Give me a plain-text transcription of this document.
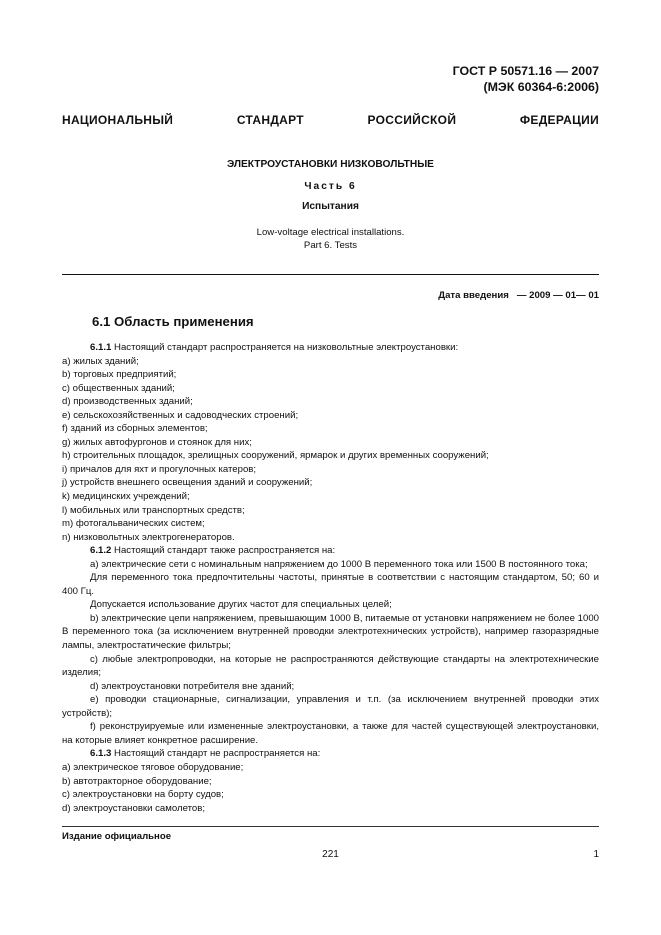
ГОСТ Р 50571.16 — 2007
(МЭК 60364-6:2006)
НАЦИОНАЛЬНЫЙ СТАНДАРТ РОССИЙСКОЙ ФЕДЕРАЦИИ
ЭЛЕКТРОУСТАНОВКИ НИЗКОВОЛЬТНЫЕ
Часть 6
Испытания
Low-voltage electrical installations.
Part 6. Tests
Дата введения — 2009 — 01— 01
6.1 Область применения

6.1.1 Настоящий стандарт распространяется на низковольтные электроустановки:

a) жилых зданий;

b) торговых предприятий;

c) общественных зданий;

d) производственных зданий;

e) сельскохозяйственных и садоводческих строений;

f) зданий из сборных элементов;

g) жилых автофургонов и стоянок для них;

h) строительных площадок, зрелищных сооружений, ярмарок и других временных сооружений;

i) причалов для яхт и прогулочных катеров;

j) устройств внешнего освещения зданий и сооружений;

k) медицинских учреждений;

l) мобильных или транспортных средств;

m) фотогальванических систем;

n) низковольтных электрогенераторов.

6.1.2 Настоящий стандарт также распространяется на:

а) электрические сети с номинальным напряжением до 1000 В переменного тока или 1500 В постоянного тока;

Для переменного тока предпочтительны частоты, принятые в соответствии с настоящим стандартом, 50; 60 и 400 Гц.

Допускается использование других частот для специальных целей;

b) электрические цепи напряжением, превышающим 1000 В, питаемые от установки напряжением не более 1000 В переменного тока (за исключением внутренней проводки электротехнических устройств), например газоразрядные лампы, электростатические фильтры;

c) любые электропроводки, на которые не распространяются действующие стандарты на электротехнические изделия;

d) электроустановки потребителя вне зданий;

e) проводки стационарные, сигнализации, управления и т.п. (за исключением внутренней проводки этих устройств);

f) реконструируемые или измененные электроустановки, а также для частей существующей электроустановки, на которые влияет конкретное расширение.

6.1.3 Настоящий стандарт не распространяется на:

a) электрическое тяговое оборудование;

b) автотракторное оборудование;

c) электроустановки на борту судов;

d) электроустановки самолетов;

Издание официальное
221	1
